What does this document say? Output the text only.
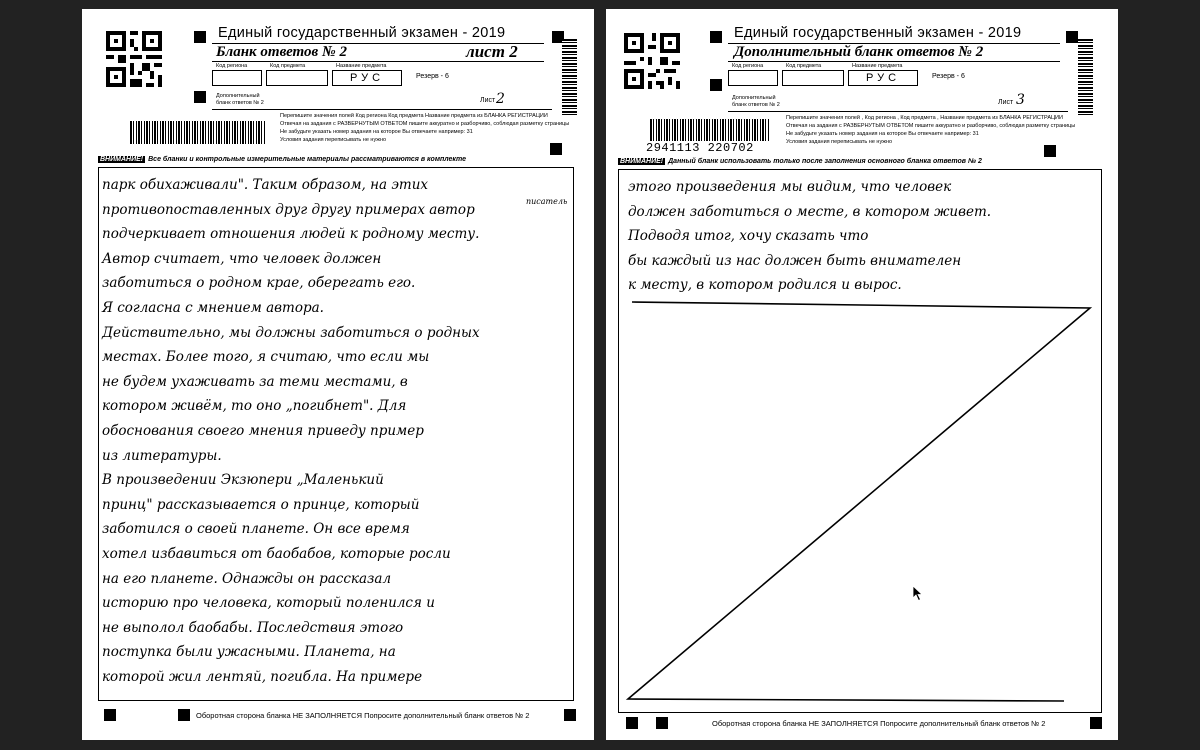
Единый государственный экзамен - 2019
Бланк ответов № 2	лист 2
Код региона	Код предмета	Название предмета
РУС	Резерв - 6
Дополнительный
бланк ответов № 2	Лист 2
Перепишите значения полей Код региона Код предмета Название предмета из БЛАНКА РЕГИСТРАЦИИ
Отвечая на задания с РАЗВЕРНУТЫМ ОТВЕТОМ пишите аккуратно и разборчиво, соблюдая разметку страницы
Не забудьте указать номер задания на которое Вы отвечаете например: 31
Условия задания переписывать не нужно
ВНИМАНИЕ! Все бланки и контрольные измерительные материалы рассматриваются в комплекте
парк обихаживали". Таким образом, на этих
противопоставленных друг другу примерах автор
подчеркивает отношения людей к родному месту.
Автор считает, что человек должен
заботиться о родном крае, оберегать его.
Я согласна с мнением автора.
Действительно, мы должны заботиться о родных
местах. Более того, я считаю, что если мы
не будем ухаживать за теми местами, в
котором живём, то оно „погибнет". Для
обоснования своего мнения приведу пример
из литературы.
В произведении Экзюпери „Маленький
принц" рассказывается о принце, который
заботился о своей планете. Он все время
хотел избавиться от баобабов, которые росли
на его планете. Однажды он рассказал
историю про человека, который поленился и
не выполол баобабы. Последствия этого
поступка были ужасными. Планета, на
которой жил лентяй, погибла. На примере
писатель
Оборотная сторона бланка НЕ ЗАПОЛНЯЕТСЯ Попросите дополнительный бланк ответов № 2
Единый государственный экзамен - 2019
Дополнительный бланк ответов № 2
Код региона	Код предмета	Название предмета
РУС	Резерв - 6
Дополнительный
бланк ответов № 2	Лист 3
2941113 220702
Перепишите значения полей , Код региона , Код предмета , Название предмета из БЛАНКА РЕГИСТРАЦИИ
Отвечая на задания с РАЗВЕРНУТЫМ ОТВЕТОМ пишите аккуратно и разборчиво, соблюдая разметку страницы
Не забудьте указать номер задания на которое Вы отвечаете например: 31
Условия задания переписывать не нужно
ВНИМАНИЕ! Данный бланк использовать только после заполнения основного бланка ответов № 2
этого произведения мы видим, что человек
должен заботиться о месте, в котором живет.
Подводя итог, хочу сказать что
бы каждый из нас должен быть внимателен
к месту, в котором родился и вырос.
Оборотная сторона бланка НЕ ЗАПОЛНЯЕТСЯ Попросите дополнительный бланк ответов № 2
